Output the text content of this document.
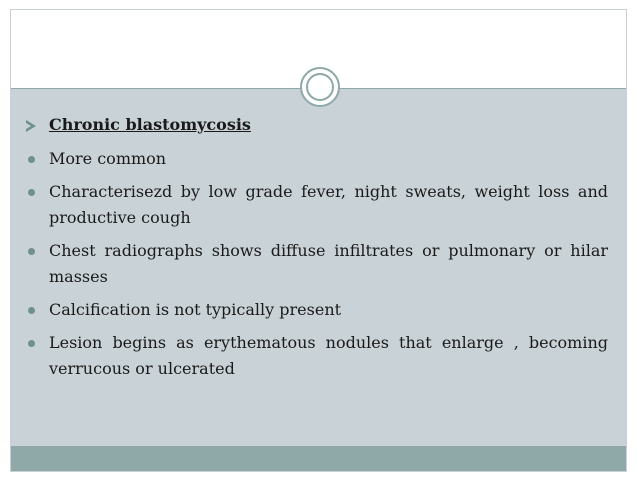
Chronic blastomycosis
More common
Characterisezd by low grade fever, night sweats, weight loss and productive cough
Chest radiographs shows diffuse infiltrates or pulmonary or hilar masses
Calcification is not typically present
Lesion begins as erythematous nodules that enlarge , becoming verrucous or ulcerated
